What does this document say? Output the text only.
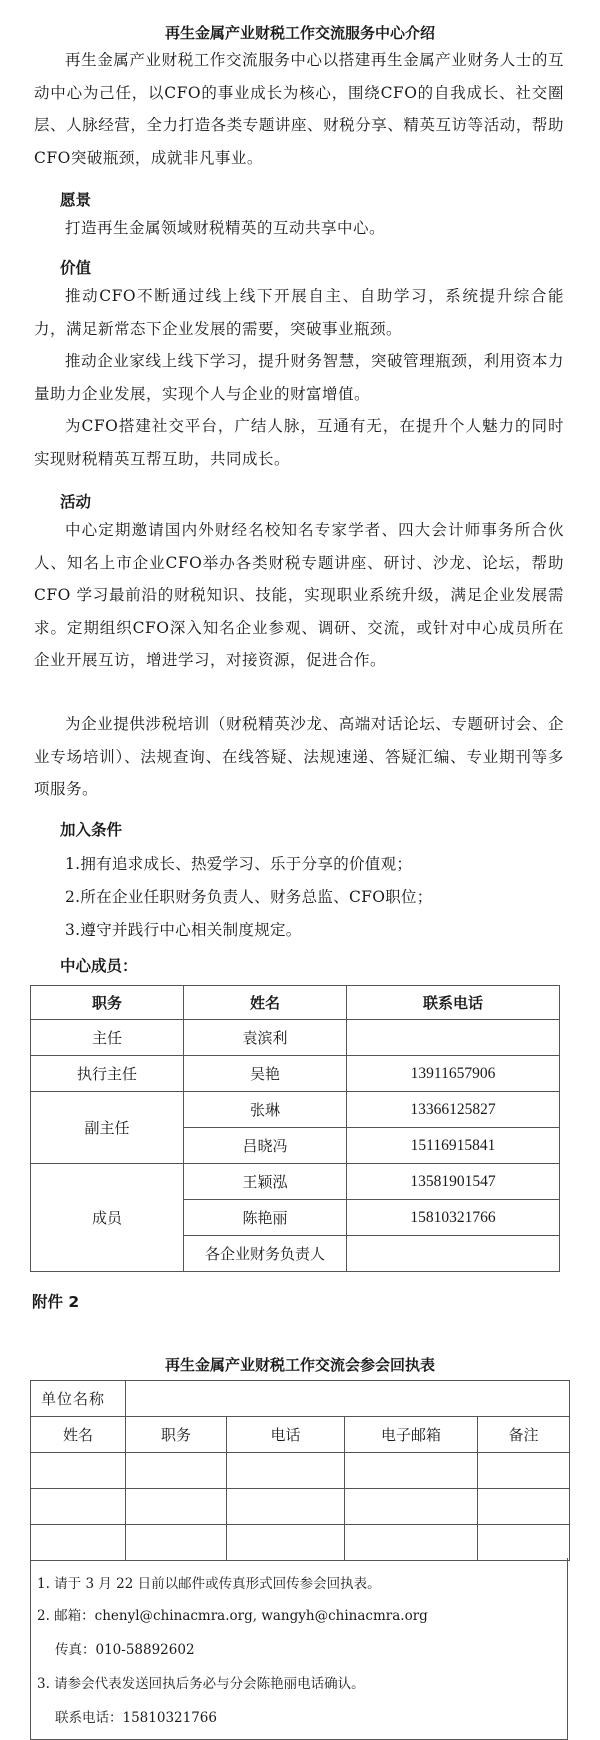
再生金属产业财税工作交流服务中心介绍
再生金属产业财税工作交流服务中心以搭建再生金属产业财务人士的互动中心为己任，以CFO的事业成长为核心，围绕CFO的自我成长、社交圈层、人脉经营，全力打造各类专题讲座、财税分享、精英互访等活动，帮助CFO突破瓶颈，成就非凡事业。
愿景
打造再生金属领域财税精英的互动共享中心。
价值
推动CFO不断通过线上线下开展自主、自助学习，系统提升综合能力，满足新常态下企业发展的需要，突破事业瓶颈。
推动企业家线上线下学习，提升财务智慧，突破管理瓶颈，利用资本力量助力企业发展，实现个人与企业的财富增值。
为CFO搭建社交平台，广结人脉，互通有无，在提升个人魅力的同时实现财税精英互帮互助，共同成长。
活动
中心定期邀请国内外财经名校知名专家学者、四大会计师事务所合伙人、知名上市企业CFO举办各类财税专题讲座、研讨、沙龙、论坛，帮助CFO 学习最前沿的财税知识、技能，实现职业系统升级，满足企业发展需求。定期组织CFO深入知名企业参观、调研、交流，或针对中心成员所在企业开展互访，增进学习，对接资源，促进合作。
为企业提供涉税培训（财税精英沙龙、高端对话论坛、专题研讨会、企业专场培训）、法规查询、在线答疑、法规速递、答疑汇编、专业期刊等多项服务。
加入条件
1.拥有追求成长、热爱学习、乐于分享的价值观；
2.所在企业任职财务负责人、财务总监、CFO职位；
3.遵守并践行中心相关制度规定。
中心成员：
职务	姓名	联系电话
主任	袁滨利	
执行主任	吴艳	13911657906
副主任	张琳	13366125827
	吕晓冯	15116915841
成员	王颖泓	13581901547
	陈艳丽	15810321766
	各企业财务负责人	
附件 2
再生金属产业财税工作交流会参会回执表
单位名称				
姓名	职务	电话	电子邮箱	备注

1. 请于 3 月 22 日前以邮件或传真形式回传参会回执表。
2. 邮箱：chenyl@chinacmra.org, wangyh@chinacmra.org
传真：010-58892602
3. 请参会代表发送回执后务必与分会陈艳丽电话确认。
联系电话：15810321766
